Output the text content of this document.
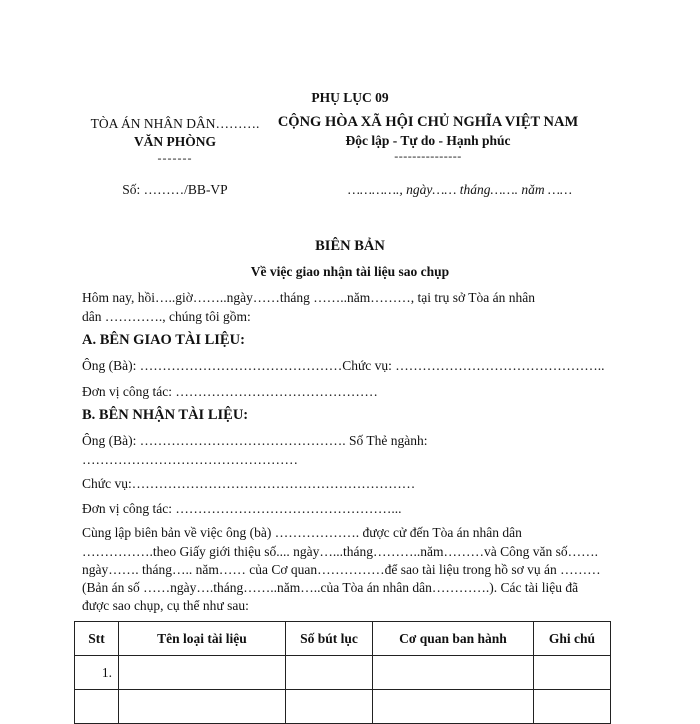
PHỤ LỤC 09
TÒA ÁN NHÂN DÂN……….
VĂN PHÒNG
-------
CỘNG HÒA XÃ HỘI CHỦ NGHĨA VIỆT NAM
Độc lập - Tự do - Hạnh phúc
---------------
Số: ………/BB-VP	…………., ngày…… tháng……. năm ……
BIÊN BẢN
Về việc giao nhận tài liệu sao chụp
Hôm nay, hồi…..giờ……..ngày……tháng ……..năm………, tại trụ sở Tòa án nhân
dân …………., chúng tôi gồm:
A. BÊN GIAO TÀI LIỆU:
Ông (Bà): ………………………………………Chức vụ: ………………………………………..
Đơn vị công tác: ………………………………………
B. BÊN NHẬN TÀI LIỆU:
Ông (Bà): ………………………………………. Số Thẻ ngành:
…………………………………………
Chức vụ:………………………………………………………
Đơn vị công tác: …………………………………………...
Cùng lập biên bản về việc ông (bà) ………………. được cử đến Tòa án nhân dân
…………….theo Giấy giới thiệu số.... ngày…...tháng………..năm………và Công văn số…….
ngày……. tháng….. năm…… của Cơ quan……………để sao tài liệu trong hồ sơ vụ án ………
(Bản án số ……ngày….tháng……..năm…..của Tòa án nhân dân………….). Các tài liệu đã
được sao chụp, cụ thể như sau:
Stt	Tên loại tài liệu	Số bút lục	Cơ quan ban hành	Ghi chú
1.				
